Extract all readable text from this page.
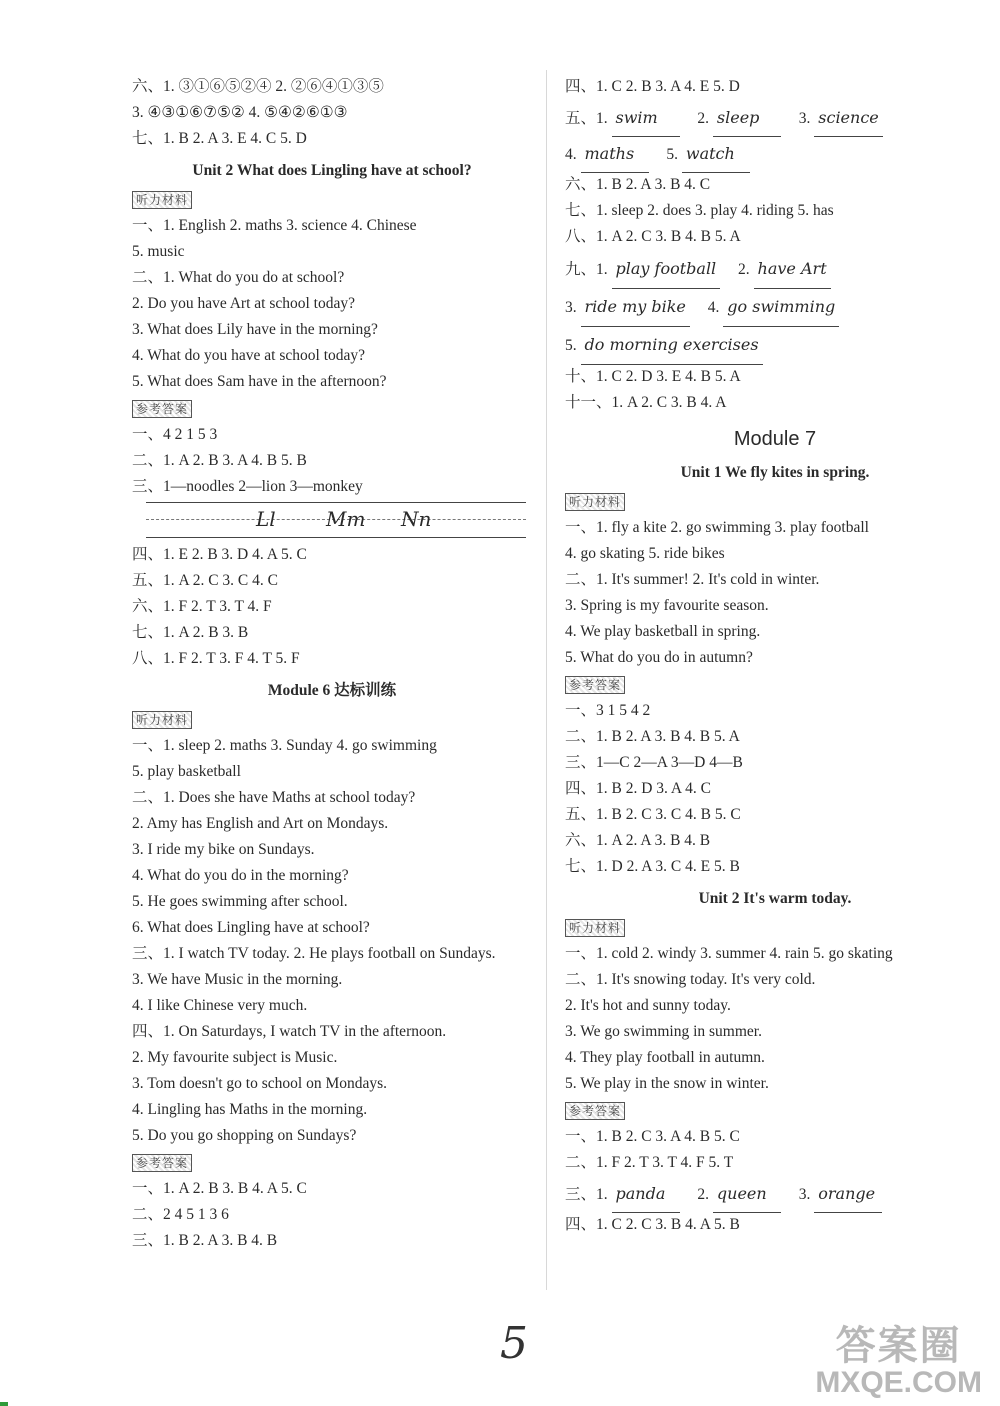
六、1. ③①⑥⑤②④ 2. ②⑥④①③⑤
3. ④③①⑥⑦⑤② 4. ⑤④②⑥①③
七、1. B 2. A 3. E 4. C 5. D
Unit 2 What does Lingling have at school?
听力材料
一、1. English 2. maths 3. science 4. Chinese
5. music
二、1. What do you do at school?
2. Do you have Art at school today?
3. What does Lily have in the morning?
4. What do you have at school today?
5. What does Sam have in the afternoon?
参考答案
一、4 2 1 5 3
二、1. A 2. B 3. A 4. B 5. B
三、1—noodles 2—lion 3—monkey
Ll	Mm Nn
四、1. E 2. B 3. D 4. A 5. C
五、1. A 2. C 3. C 4. C
六、1. F 2. T 3. T 4. F
七、1. A 2. B 3. B
八、1. F 2. T 3. F 4. T 5. F
Module 6 达标训练
听力材料
一、1. sleep 2. maths 3. Sunday 4. go swimming
5. play basketball
二、1. Does she have Maths at school today?
2. Amy has English and Art on Mondays.
3. I ride my bike on Sundays.
4. What do you do in the morning?
5. He goes swimming after school.
6. What does Lingling have at school?
三、1. I watch TV today. 2. He plays football on Sundays.
3. We have Music in the morning.
4. I like Chinese very much.
四、1. On Saturdays, I watch TV in the afternoon.
2. My favourite subject is Music.
3. Tom doesn't go to school on Mondays.
4. Lingling has Maths in the morning.
5. Do you go shopping on Sundays?
参考答案
一、1. A 2. B 3. B 4. A 5. C
二、2 4 5 1 3 6
三、1. B 2. A 3. B 4. B
四、1. C 2. B 3. A 4. E 5. D
五、1. swim	2. sleep	3. science
4. maths 5. watch
六、1. B 2. A 3. B 4. C
七、1. sleep 2. does 3. play 4. riding 5. has
八、1. A 2. C 3. B 4. B 5. A
九、1. play football 2. have Art
3. ride my bike 4. go swimming
5. do morning exercises
十、1. C 2. D 3. E 4. B 5. A
十一、1. A 2. C 3. B 4. A
Module 7
Unit 1 We fly kites in spring.
听力材料
一、1. fly a kite 2. go swimming 3. play football
4. go skating 5. ride bikes
二、1. It's summer! 2. It's cold in winter.
3. Spring is my favourite season.
4. We play basketball in spring.
5. What do you do in autumn?
参考答案
一、3 1 5 4 2
二、1. B 2. A 3. B 4. B 5. A
三、1—C 2—A 3—D 4—B
四、1. B 2. D 3. A 4. C
五、1. B 2. C 3. C 4. B 5. C
六、1. A 2. A 3. B 4. B
七、1. D 2. A 3. C 4. E 5. B
Unit 2 It's warm today.
听力材料
一、1. cold 2. windy 3. summer 4. rain 5. go skating
二、1. It's snowing today. It's very cold.
2. It's hot and sunny today.
3. We go swimming in summer.
4. They play football in autumn.
5. We play in the snow in winter.
参考答案
一、1. B 2. C 3. A 4. B 5. C
二、1. F 2. T 3. T 4. F 5. T
三、1. panda 2. queen 3. orange
四、1. C 2. C 3. B 4. A 5. B
5	答案圈
MXQE.COM
